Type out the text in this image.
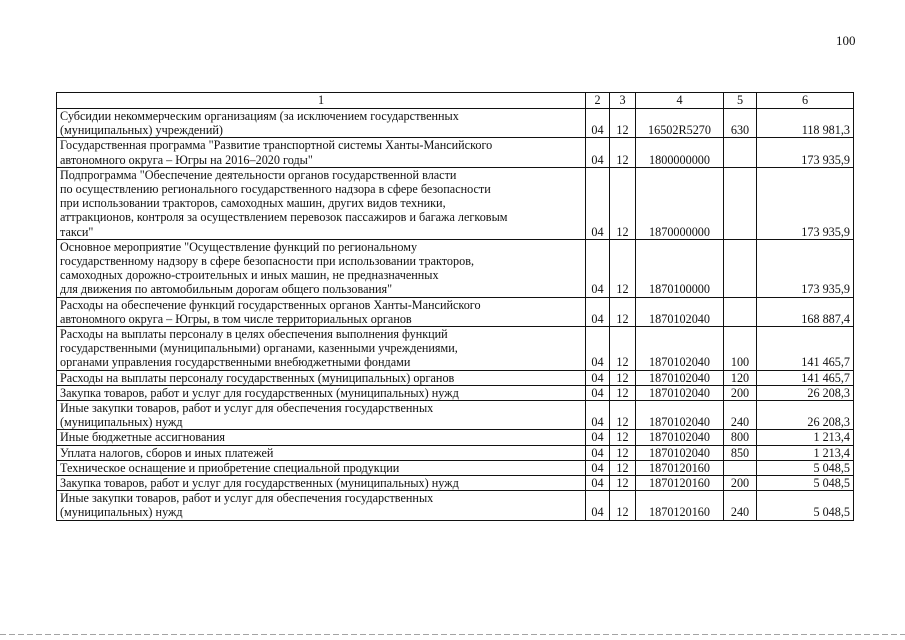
100
1	2	3	4	5	6

Субсидии некоммерческим организациям (за исключением государственных
(муниципальных) учреждений)	04	12	16502R5270	630	118 981,3

Государственная программа "Развитие транспортной системы Ханты-Мансийского
автономного округа – Югры на 2016–2020 годы"	04	12	1800000000		173 935,9

Подпрограмма "Обеспечение деятельности органов государственной власти
по осуществлению регионального государственного надзора в сфере безопасности
при использовании тракторов, самоходных машин, других видов техники,
аттракционов, контроля за осуществлением перевозок пассажиров и багажа легковым
такси"	04	12	1870000000		173 935,9

Основное мероприятие "Осуществление функций по региональному
государственному надзору в сфере безопасности при использовании тракторов,
самоходных дорожно-строительных и иных машин, не предназначенных
для движения по автомобильным дорогам общего пользования"	04	12	1870100000		173 935,9

Расходы на обеспечение функций государственных органов Ханты-Мансийского
автономного округа – Югры, в том числе территориальных органов	04	12	1870102040		168 887,4

Расходы на выплаты персоналу в целях обеспечения выполнения функций
государственными (муниципальными) органами, казенными учреждениями,
органами управления государственными внебюджетными фондами	04	12	1870102040	100	141 465,7

Расходы на выплаты персоналу государственных (муниципальных) органов	04	12	1870102040	120	141 465,7

Закупка товаров, работ и услуг для государственных (муниципальных) нужд	04	12	1870102040	200	26 208,3

Иные закупки товаров, работ и услуг для обеспечения государственных
(муниципальных) нужд	04	12	1870102040	240	26 208,3

Иные бюджетные ассигнования	04	12	1870102040	800	1 213,4

Уплата налогов, сборов и иных платежей	04	12	1870102040	850	1 213,4

Техническое оснащение и приобретение специальной продукции	04	12	1870120160		5 048,5

Закупка товаров, работ и услуг для государственных (муниципальных) нужд	04	12	1870120160	200	5 048,5

Иные закупки товаров, работ и услуг для обеспечения государственных
(муниципальных) нужд	04	12	1870120160	240	5 048,5
